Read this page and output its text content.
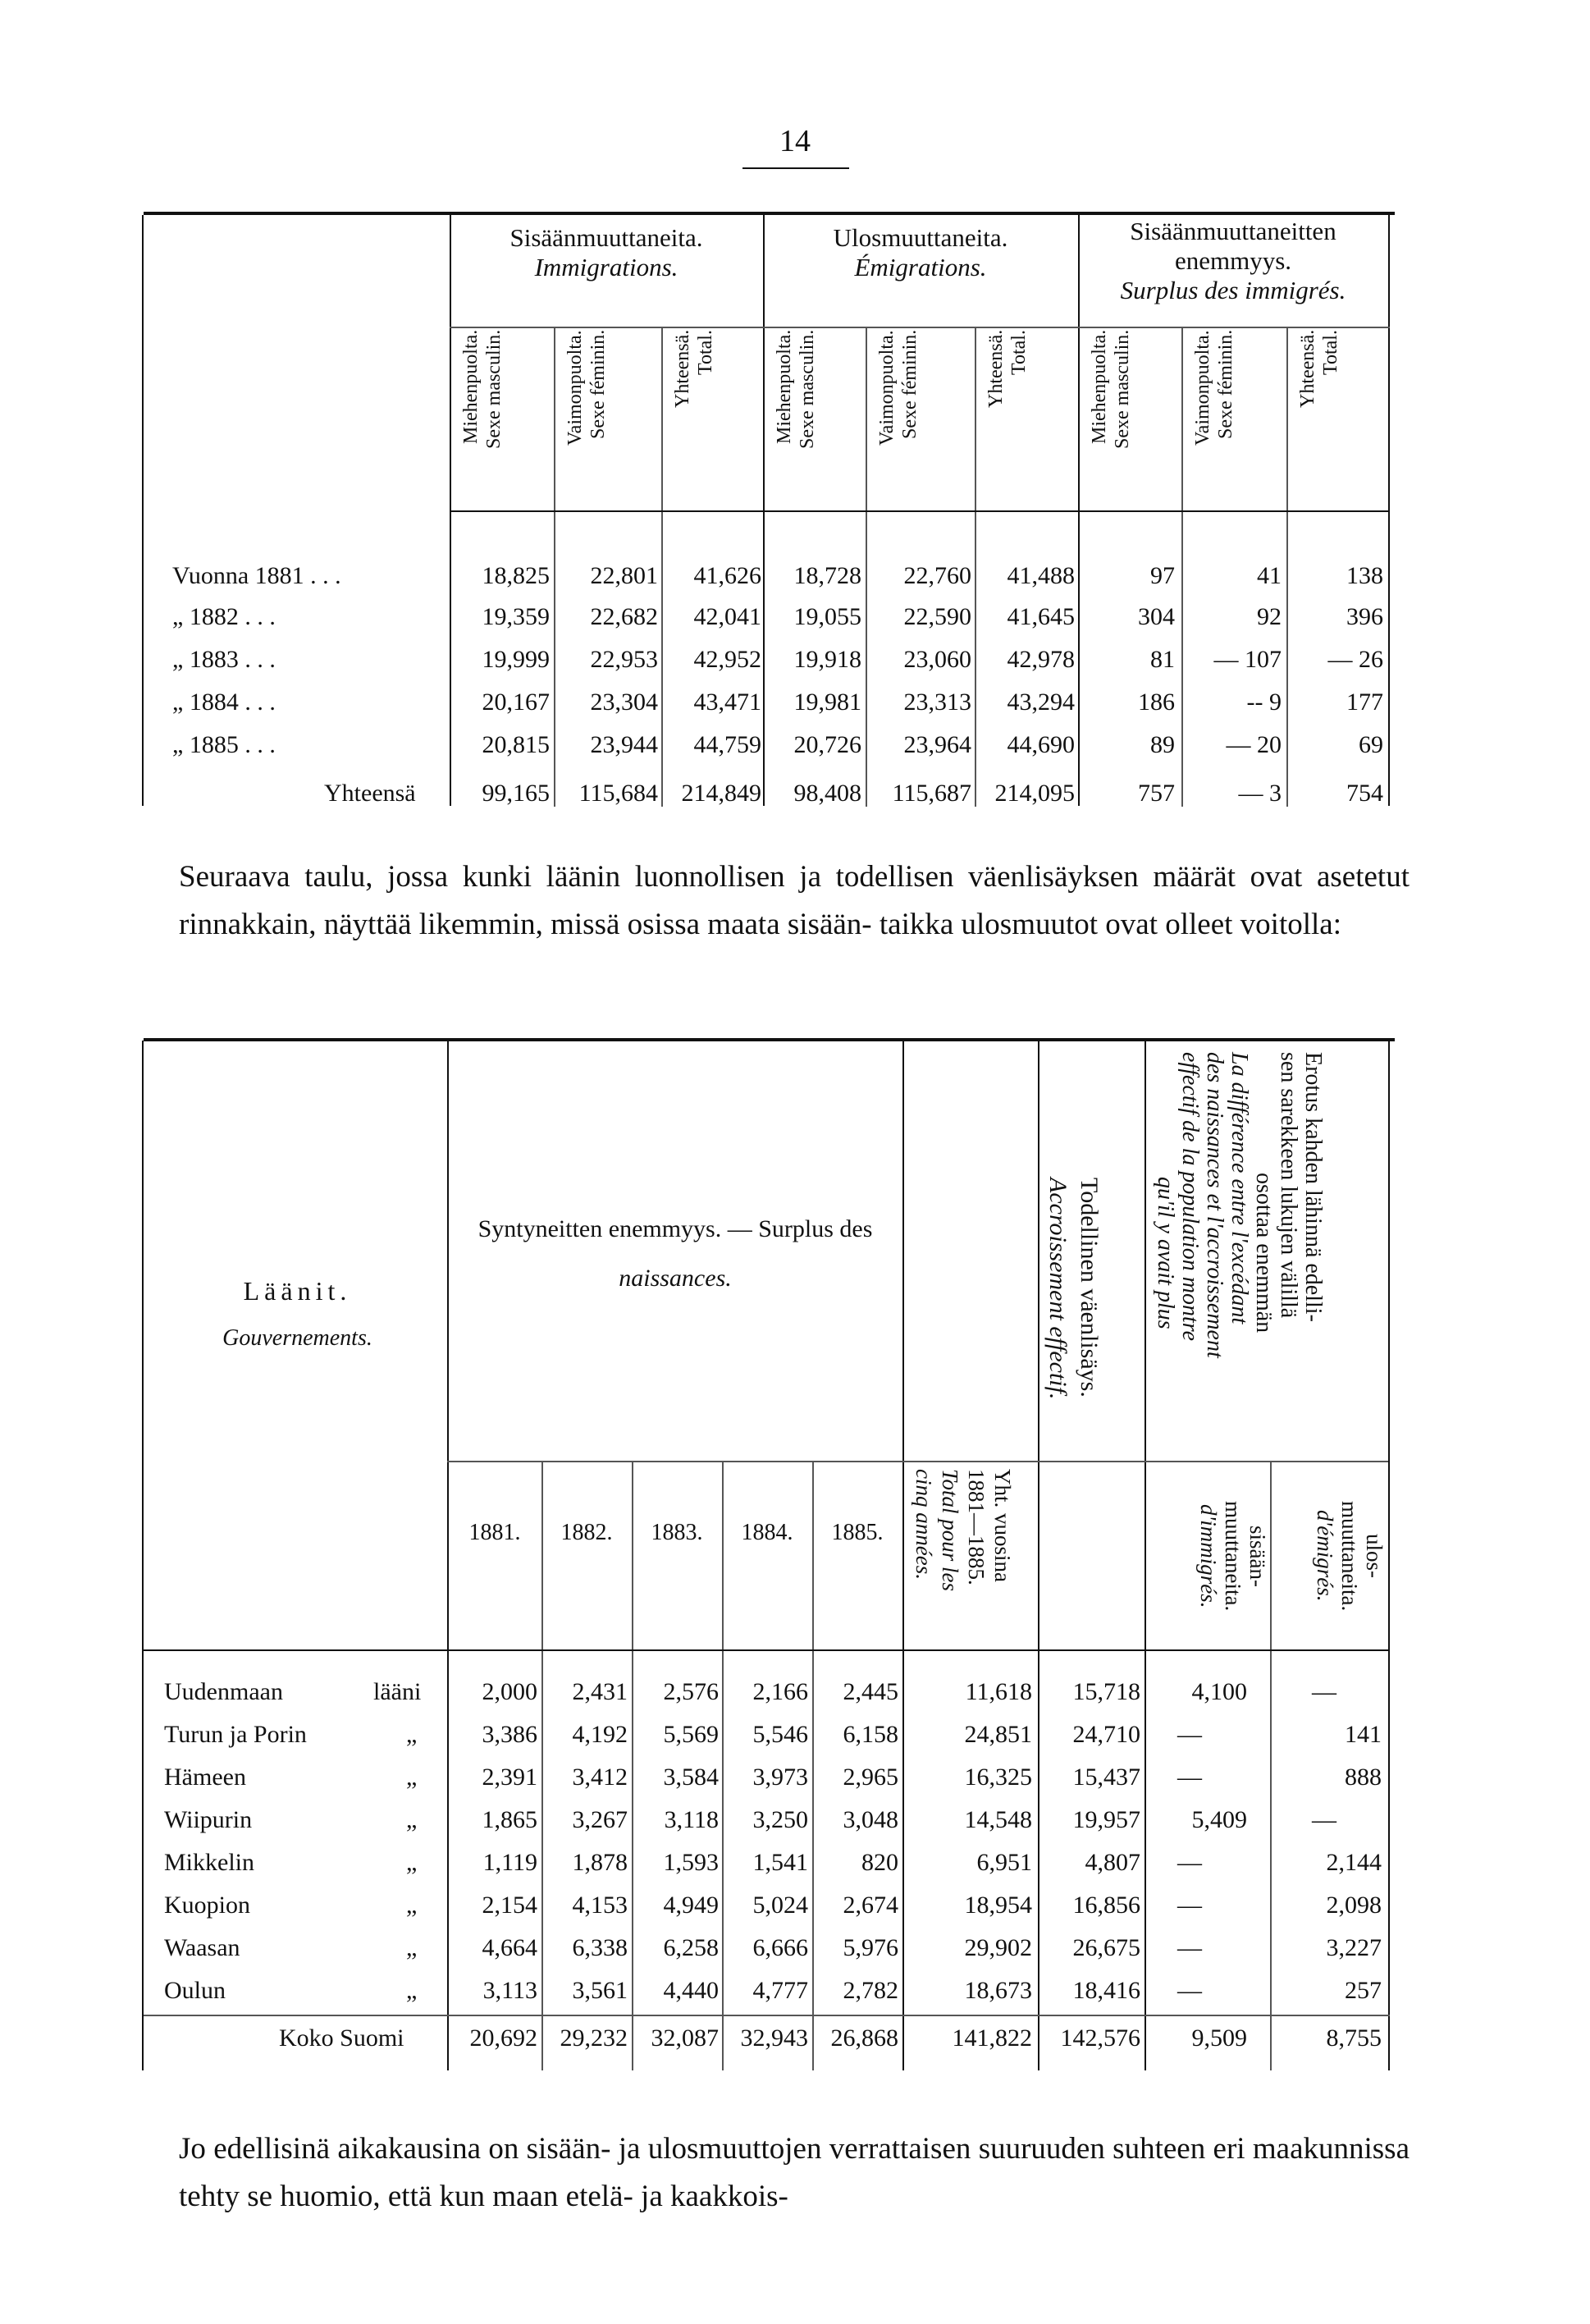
14
Sisäänmuuttaneita.
Immigrations.
Ulosmuuttaneita.
Émigrations.
Sisäänmuuttaneitten enemmyys.
Surplus des immigrés.
Miehenpuolta.
Sexe masculin.	Vaimonpuolta.
Sexe féminin.	Yhteensä.
Total.	Miehenpuolta.
Sexe masculin.	Vaimonpuolta.
Sexe féminin.	Yhteensä.
Total.	Miehenpuolta.
Sexe masculin.	Vaimonpuolta.
Sexe féminin.	Yhteensä.
Total.
Vuonna 1881 . . .	18,825	22,801	41,626	18,728	22,760	41,488	97	41	138
„ 1882 . . .	19,359	22,682	42,041	19,055	22,590	41,645	304	92	396
„ 1883 . . .	19,999	22,953	42,952	19,918	23,060	42,978	81	— 107	— 26
„ 1884 . . .	20,167	23,304	43,471	19,981	23,313	43,294	186	-- 9	177
„ 1885 . . .	20,815	23,944	44,759	20,726	23,964	44,690	89	— 20	69
Yhteensä	99,165	115,684 214,849	98,408	115,687 214,095	757	— 3	754
Seuraava taulu, jossa kunki läänin luonnollisen ja todellisen väenlisäyksen määrät ovat asetetut rinnakkain, näyttää likemmin, missä osissa maata sisään- taikka ulosmuutot ovat olleet voitolla:
Läänit.
Gouvernements.
Syntyneitten enemmyys. — Surplus des
naissances.
1881.	1882.	1883.	1884.	1885.	Yht. vuosina
1881—1885.
Total pour les
cinq années.
Todellinen väenlisäys.
Accroissement effectif.	Erotus kahden lähinnä edelli-
sen sarekkeen lukujen välillä

osottaa enemmän
La différence entre l'excédant
des naissances et l'accroissement
effectif de la population montre

qu'il y avait plus
sisään-
muuttaneita.
d'immigrés.	ulos-
muuttaneita.
d'émigrés.
Uudenmaan	lääni	2,000	2,431	2,576	2,166	2,445	11,618	15,718	4,100	—
Turun ja Porin	„	3,386	4,192	5,569	5,546	6,158	24,851	24,710	—	141
Hämeen	„	2,391	3,412	3,584	3,973	2,965	16,325	15,437	—	888
Wiipurin	„	1,865	3,267	3,118	3,250	3,048	14,548	19,957	5,409	—
Mikkelin	„	1,119	1,878	1,593	1,541	820	6,951	4,807	—	2,144
Kuopion	„	2,154	4,153	4,949	5,024	2,674	18,954	16,856	—	2,098
Waasan	„	4,664	6,338	6,258	6,666	5,976	29,902	26,675	—	3,227
Oulun	„	3,113	3,561	4,440	4,777	2,782	18,673	18,416	—	257
Koko Suomi	20,692 29,232 32,087 32,943 26,868	141,822	142,576	9,509	8,755
Jo edellisinä aikakausina on sisään- ja ulosmuuttojen verrattaisen suuruuden suhteen eri maakunnissa tehty se huomio, että kun maan etelä- ja kaakkois-
